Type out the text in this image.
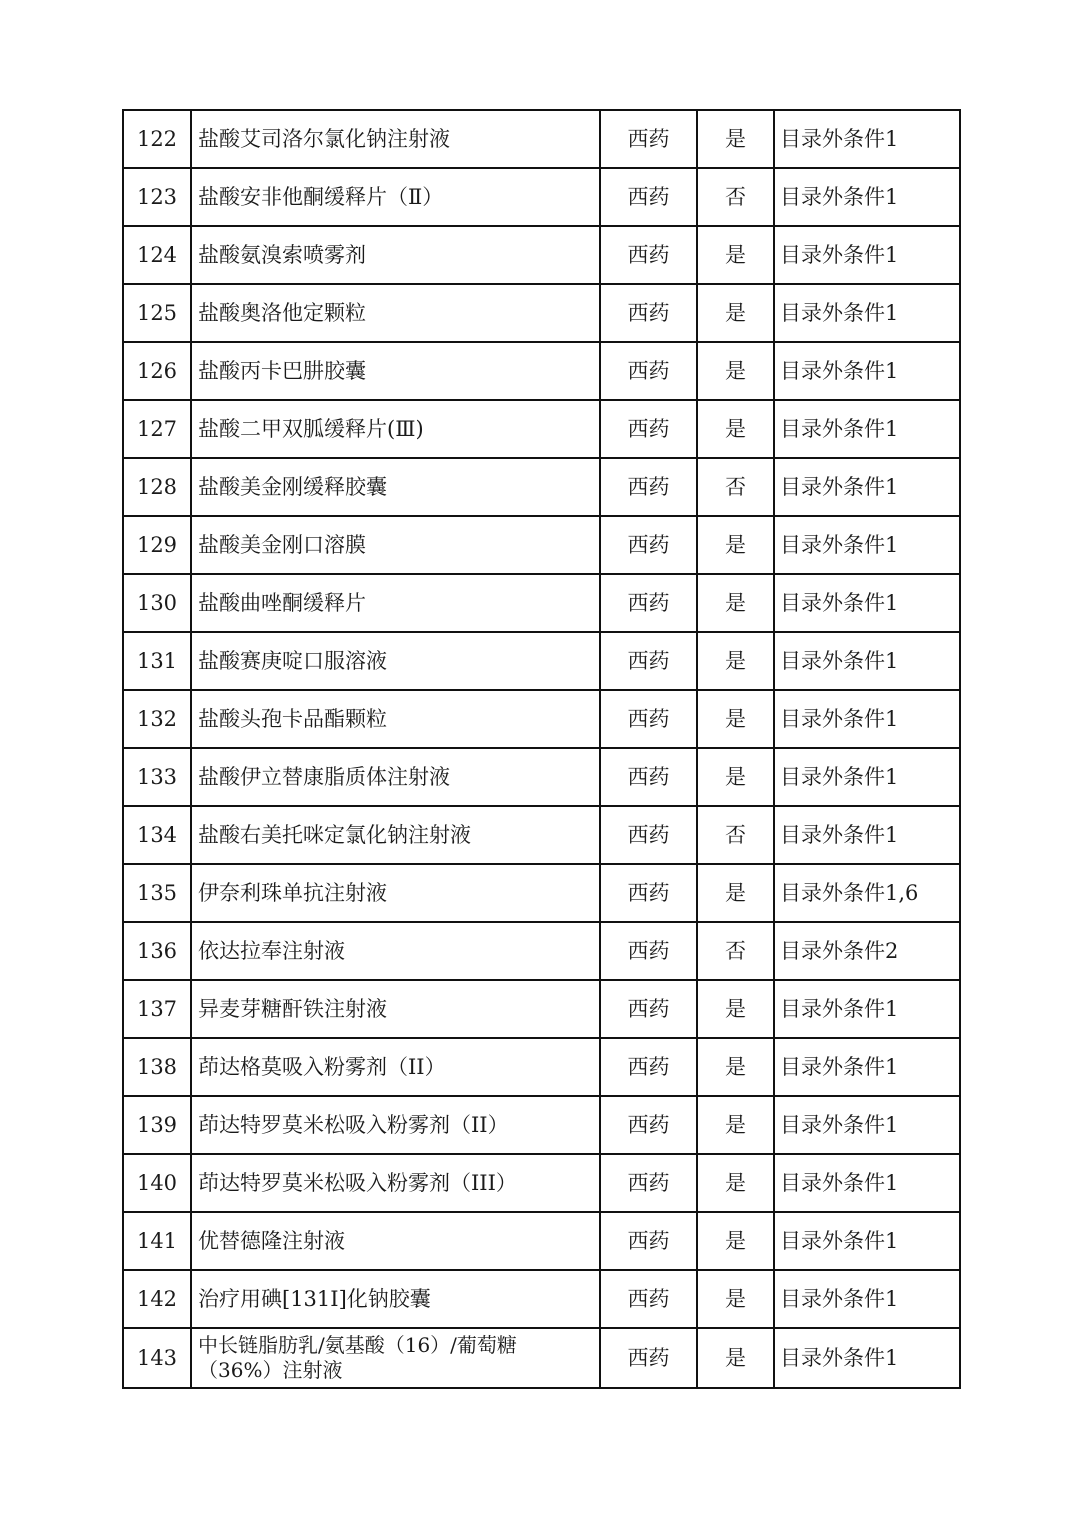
122	盐酸艾司洛尔氯化钠注射液	西药	是	目录外条件1
123	盐酸安非他酮缓释片（Ⅱ）	西药	否	目录外条件1
124	盐酸氨溴索喷雾剂	西药	是	目录外条件1
125	盐酸奥洛他定颗粒	西药	是	目录外条件1
126	盐酸丙卡巴肼胶囊	西药	是	目录外条件1
127	盐酸二甲双胍缓释片(Ⅲ)	西药	是	目录外条件1
128	盐酸美金刚缓释胶囊	西药	否	目录外条件1
129	盐酸美金刚口溶膜	西药	是	目录外条件1
130	盐酸曲唑酮缓释片	西药	是	目录外条件1
131	盐酸赛庚啶口服溶液	西药	是	目录外条件1
132	盐酸头孢卡品酯颗粒	西药	是	目录外条件1
133	盐酸伊立替康脂质体注射液	西药	是	目录外条件1
134	盐酸右美托咪定氯化钠注射液	西药	否	目录外条件1
135	伊奈利珠单抗注射液	西药	是	目录外条件1,6
136	依达拉奉注射液	西药	否	目录外条件2
137	异麦芽糖酐铁注射液	西药	是	目录外条件1
138	茚达格莫吸入粉雾剂（II）	西药	是	目录外条件1
139	茚达特罗莫米松吸入粉雾剂（II）	西药	是	目录外条件1
140	茚达特罗莫米松吸入粉雾剂（III）	西药	是	目录外条件1
141	优替德隆注射液	西药	是	目录外条件1
142	治疗用碘[131I]化钠胶囊	西药	是	目录外条件1
143	中长链脂肪乳/氨基酸（16）/葡萄糖（36%）注射液	西药	是	目录外条件1
